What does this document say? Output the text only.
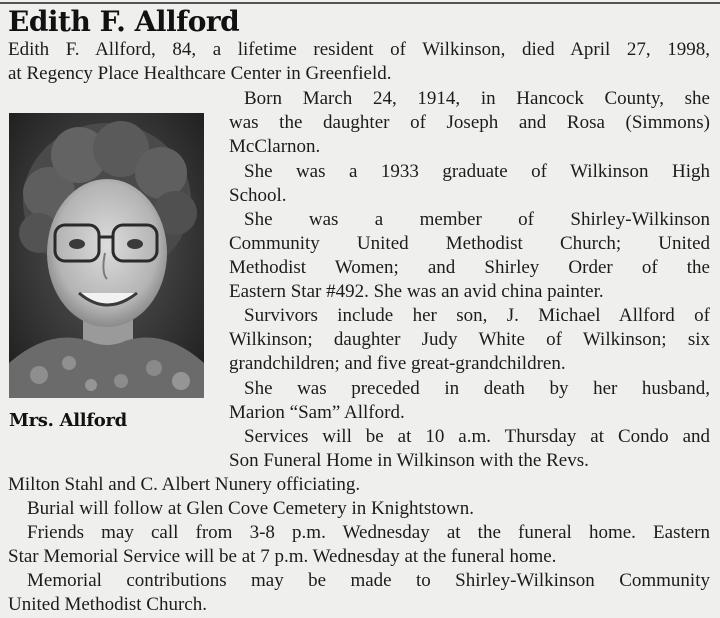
Edith F. Allford
Mrs. Allford
Edith F. Allford, 84, a lifetime resident of Wilkinson, died April 27, 1998,
at Regency Place Healthcare Center in Greenfield.
Born March 24, 1914, in Hancock County, she
was the daughter of Joseph and Rosa (Simmons)
McClarnon.
She was a 1933 graduate of Wilkinson High
School.
She was a member of Shirley-Wilkinson
Community United Methodist Church; United
Methodist Women; and Shirley Order of the
Eastern Star #492. She was an avid china painter.
Survivors include her son, J. Michael Allford of
Wilkinson; daughter Judy White of Wilkinson; six
grandchildren; and five great-grandchildren.
She was preceded in death by her husband,
Marion “Sam” Allford.
Services will be at 10 a.m. Thursday at Condo and
Son Funeral Home in Wilkinson with the Revs.
Milton Stahl and C. Albert Nunery officiating.
Burial will follow at Glen Cove Cemetery in Knightstown.
Friends may call from 3-8 p.m. Wednesday at the funeral home. Eastern
Star Memorial Service will be at 7 p.m. Wednesday at the funeral home.
Memorial contributions may be made to Shirley-Wilkinson Community
United Methodist Church.
